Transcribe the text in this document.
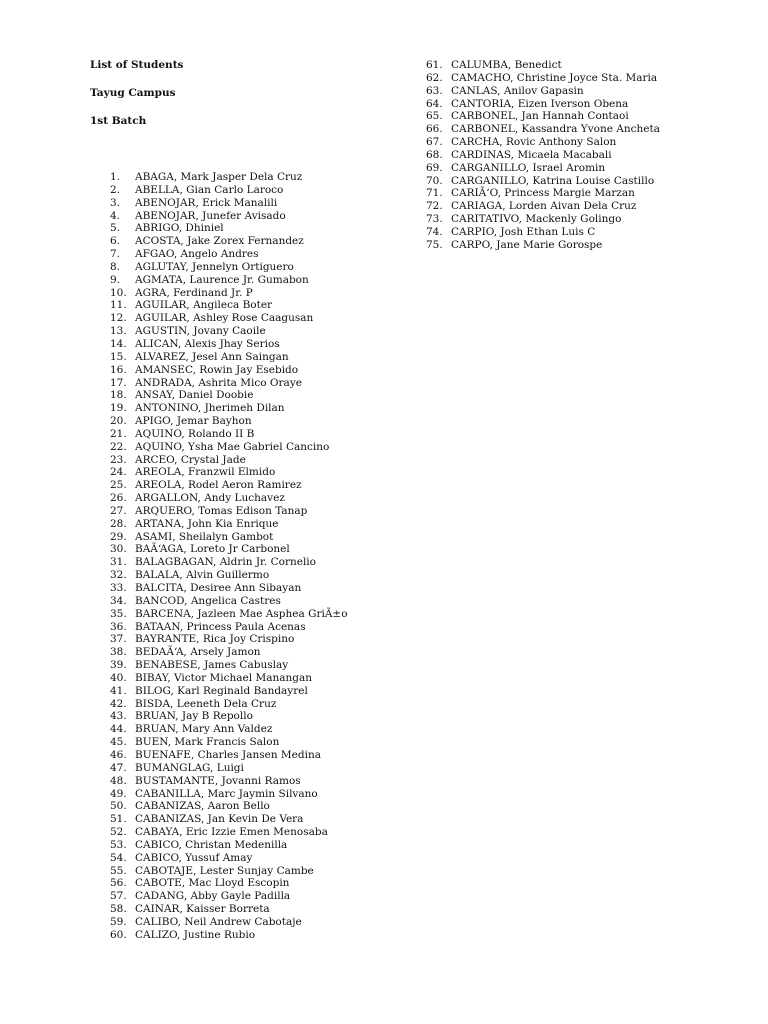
List of Students
Tayug Campus
1st Batch
1.	ABAGA, Mark Jasper Dela Cruz
2.	ABELLA, Gian Carlo Laroco
3.	ABENOJAR, Erick Manalili
4.	ABENOJAR, Junefer Avisado
5.	ABRIGO, Dhiniel
6.	ACOSTA, Jake Zorex Fernandez
7.	AFGAO, Angelo Andres
8.	AGLUTAY, Jennelyn Ortiguero
9.	AGMATA, Laurence Jr. Gumabon
10. AGRA, Ferdinand Jr. P
11. AGUILAR, Angileca Boter
12. AGUILAR, Ashley Rose Caagusan
13. AGUSTIN, Jovany Caoile
14. ALICAN, Alexis Jhay Serios
15. ALVAREZ, Jesel Ann Saingan
16. AMANSEC, Rowin Jay Esebido
17. ANDRADA, Ashrita Mico Oraye
18. ANSAY, Daniel Doobie
19. ANTONINO, Jherimeh Dilan
20. APIGO, Jemar Bayhon
21. AQUINO, Rolando II B
22. AQUINO, Ysha Mae Gabriel Cancino
23. ARCEO, Crystal Jade
24. AREOLA, Franzwil Elmido
25. AREOLA, Rodel Aeron Ramirez
26. ARGALLON, Andy Luchavez
27. ARQUERO, Tomas Edison Tanap
28. ARTANA, John Kia Enrique
29. ASAMI, Sheilalyn Gambot
30. BAÃ‘AGA, Loreto Jr Carbonel
31. BALAGBAGAN, Aldrin Jr. Cornelio
32. BALALA, Alvin Guillermo
33. BALCITA, Desiree Ann Sibayan
34. BANCOD, Angelica Castres
35. BARCENA, Jazleen Mae Asphea GriÃ±o
36. BATAAN, Princess Paula Acenas
37. BAYRANTE, Rica Joy Crispino
38. BEDAÃ‘A, Arsely Jamon
39. BENABESE, James Cabuslay
40. BIBAY, Victor Michael Manangan
41. BILOG, Karl Reginald Bandayrel
42. BISDA, Leeneth Dela Cruz
43. BRUAN, Jay B Repollo
44. BRUAN, Mary Ann Valdez
45. BUEN, Mark Francis Salon
46. BUENAFE, Charles Jansen Medina
47. BUMANGLAG, Luigi
48. BUSTAMANTE, Jovanni Ramos
49. CABANILLA, Marc Jaymin Silvano
50. CABANIZAS, Aaron Bello
51. CABANIZAS, Jan Kevin De Vera
52. CABAYA, Eric Izzie Emen Menosaba
53. CABICO, Christan Medenilla
54. CABICO, Yussuf Amay
55. CABOTAJE, Lester Sunjay Cambe
56. CABOTE, Mac Lloyd Escopin
57. CADANG, Abby Gayle Padilla
58. CAINAR, Kaisser Borreta
59. CALIBO, Neil Andrew Cabotaje
60. CALIZO, Justine Rubio
61. CALUMBA, Benedict
62. CAMACHO, Christine Joyce Sta. Maria
63. CANLAS, Anilov Gapasin
64. CANTORIA, Eizen Iverson Obena
65. CARBONEL, Jan Hannah Contaoi
66. CARBONEL, Kassandra Yvone Ancheta
67. CARCHA, Rovic Anthony Salon
68. CARDINAS, Micaela Macabali
69. CARGANILLO, Israel Aromin
70. CARGANILLO, Katrina Louise Castillo
71. CARIÃ‘O, Princess Margie Marzan
72. CARIAGA, Lorden Aivan Dela Cruz
73. CARITATIVO, Mackenly Golingo
74. CARPIO, Josh Ethan Luis C
75. CARPO, Jane Marie Gorospe
